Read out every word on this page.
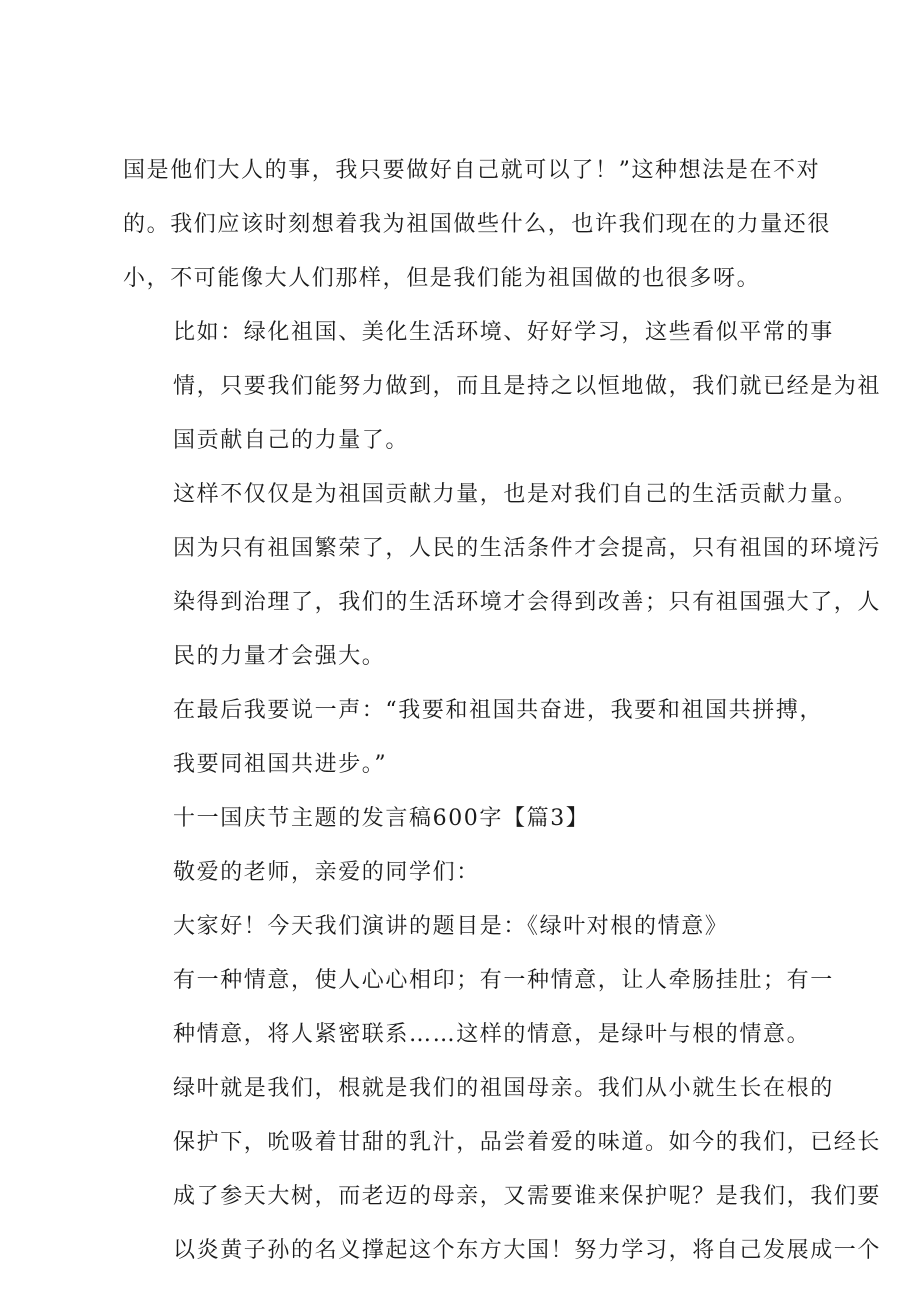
国是他们大人的事，我只要做好自己就可以了！”这种想法是在不对
的。我们应该时刻想着我为祖国做些什么，也许我们现在的力量还很
小，不可能像大人们那样，但是我们能为祖国做的也很多呀。
比如：绿化祖国、美化生活环境、好好学习，这些看似平常的事
情，只要我们能努力做到，而且是持之以恒地做，我们就已经是为祖
国贡献自己的力量了。
这样不仅仅是为祖国贡献力量，也是对我们自己的生活贡献力量。
因为只有祖国繁荣了，人民的生活条件才会提高，只有祖国的环境污
染得到治理了，我们的生活环境才会得到改善；只有祖国强大了，人
民的力量才会强大。
在最后我要说一声：“我要和祖国共奋进，我要和祖国共拼搏，
我要同祖国共进步。”
十一国庆节主题的发言稿600字【篇3】
敬爱的老师，亲爱的同学们：
大家好！今天我们演讲的题目是：《绿叶对根的情意》
有一种情意，使人心心相印；有一种情意，让人牵肠挂肚；有一
种情意，将人紧密联系……这样的情意，是绿叶与根的情意。
绿叶就是我们，根就是我们的祖国母亲。我们从小就生长在根的
保护下，吮吸着甘甜的乳汁，品尝着爱的味道。如今的我们，已经长
成了参天大树，而老迈的母亲，又需要谁来保护呢？是我们，我们要
以炎黄子孙的名义撑起这个东方大国！努力学习，将自己发展成一个
